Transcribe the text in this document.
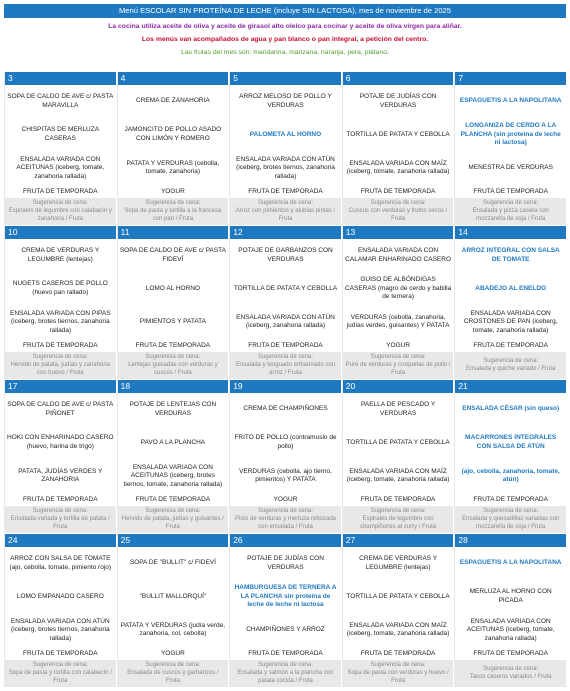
Menú ESCOLAR SIN PROTEÍNA DE LECHE (incluye SIN LACTOSA), mes de noviembre de 2025
La cocina utiliza aceite de oliva y aceite de girasol alto oleico para cocinar y aceite de oliva virgen para aliñar.
Los menús van acompañados de agua y pan blanco o pan integral, a petición del centro.
Las frutas del mes son: mandarina, manzana, naranja, pera, plátano.
3
SOPA DE CALDO DE AVE c/ PASTA MARAVILLA
CHISPITAS DE MERLUZA CASERAS
ENSALADA VARIADA CON ACEITUNAS (iceberg, tomate, zanahoria rallada)
FRUTA DE TEMPORADA
Sugerencia de cena:
Espirales de legumbre con calabacín y zanahoria / Fruta
4
CREMA DE ZANAHORIA
JAMONCITO DE POLLO ASADO CON LIMÓN Y ROMERO
PATATA Y VERDURAS (cebolla, tomate, zanahoria)
YOGUR
Sugerencia de cena:
Sopa de pasta y tortilla a la francesa con pan / Fruta
5
ARROZ MELOSO DE POLLO Y VERDURAS
PALOMETA AL HORNO
ENSALADA VARIADA CON ATÚN (iceberg, brotes tiernos, zanahoria rallada)
FRUTA DE TEMPORADA
Sugerencia de cena:
Arroz con pimientos y alubias pintas / Fruta
6
POTAJE DE JUDÍAS CON VERDURAS
TORTILLA DE PATATA Y CEBOLLA
ENSALADA VARIADA CON MAÍZ (iceberg, tomate, zanahoria rallada)
FRUTA DE TEMPORADA
Sugerencia de cena:
Cuscús con verduras y frutos secos / Fruta
7
ESPAGUETIS A LA NAPOLITANA
LONGANIZA DE CERDO A LA PLANCHA (sin proteína de leche ni lactosa)
MENESTRA DE VERDURAS
FRUTA DE TEMPORADA
Sugerencia de cena:
Ensalada y pizza casera con mozzarella de soja / Fruta
10
CREMA DE VERDURAS Y LEGUMBRE (lentejas)
NUGETS CASEROS DE POLLO (huevo pan rallado)
ENSALADA VARIADA CON PIPAS (iceberg, brotes tiernos, zanahoria rallada)
FRUTA DE TEMPORADA
Sugerencia de cena:
Hervido de patata, judías y zanahoria con huevo / Fruta
11
SOPA DE CALDO DE AVE c/ PASTA FIDEVÍ
LOMO AL HORNO
PIMIENTOS Y PATATA
FRUTA DE TEMPORADA
Sugerencia de cena:
Lentejas guisadas con verduras y cuscús / Fruta
12
POTAJE DE GARBANZOS CON VERDURAS
TORTILLA DE PATATA Y CEBOLLA
ENSALADA VARIADA CON ATÚN (iceberg, zanahoria rallada)
FRUTA DE TEMPORADA
Sugerencia de cena:
Ensalada y lenguado enharinado con arroz / Fruta
13
ENSALADA VARIADA CON CALAMAR ENHARINADO CASERO
GUISO DE ALBÓNDIGAS CASERAS (magro de cerdo y babilla de ternera)
VERDURAS (cebolla, zanahoria, judías verdes, guisantes) Y PATATA
YOGUR
Sugerencia de cena:
Puré de verduras y croquetas de pollo / Fruta
14
ARROZ INTEGRAL CON SALSA DE TOMATE
ABADEJO AL ENELDO
ENSALADA VARIADA CON CROSTONES DE PAN (iceberg, tomate, zanahoria rallada)
FRUTA DE TEMPORADA
Sugerencia de cena:
Ensalada y quiche variado / Fruta
17
SOPA DE CALDO DE AVE c/ PASTA PIÑONET
HOKI CON ENHARINADO CASERO (huevo, harina de trigo)
PATATA, JUDÍAS VERDES Y ZANAHORIA
FRUTA DE TEMPORADA
Sugerencia de cena:
Ensalada variada y tortilla de patata / Fruta
18
POTAJE DE LENTEJAS CON VERDURAS
PAVO A LA PLANCHA
ENSALADA VARIADA CON ACEITUNAS (iceberg, brotes tiernos, tomate, zanahoria rallada)
FRUTA DE TEMPORADA
Sugerencia de cena:
Hervido de patata, judías y guisantes / Fruta
19
CREMA DE CHAMPIÑONES
FRITO DE POLLO (contramuslo de pollo)
VERDURAS (cebolla, ajo tierno, pimientos) Y PATATA
YOGUR
Sugerencia de cena:
Pisto de verduras y merluza rebozada con ensalada / Fruta
20
PAELLA DE PESCADO Y VERDURAS
TORTILLA DE PATATA Y CEBOLLA
ENSALADA VARIADA CON MAÍZ (iceberg, tomate, zanahoria rallada)
FRUTA DE TEMPORADA
Sugerencia de cena:
Espirales de legumbre con champiñones al curry / Fruta
21
ENSALADA CÉSAR (sin queso)
MACARRONES INTEGRALES CON SALSA DE ATÚN
(ajo, cebolla, zanahoria, tomate, atún)
FRUTA DE TEMPORADA
Sugerencia de cena:
Ensalada y quesadillas variadas con mozzarella de soja / Fruta
24
ARROZ CON SALSA DE TOMATE (ajo, cebolla, tomate, pimiento rojo)
LOMO EMPANADO CASERO
ENSALADA VARIADA CON ATÚN (iceberg, brotes tiernos, zanahoria rallada)
FRUTA DE TEMPORADA
Sugerencia de cena:
Sopa de pasta y tortilla con calabacín / Fruta
25
SOPA DE "BULLIT" c/ FIDEVÍ
"BULLIT MALLORQUÍ"
PATATA Y VERDURAS (judía verde, zanahoria, col, cebolla)
YOGUR
Sugerencia de cena:
Ensalada de cuscús y garbanzos / Fruta
26
POTAJE DE JUDÍAS CON VERDURAS
HAMBURGUESA DE TERNERA A LA PLANCHA sin proteína de leche de leche ni lactosa
CHAMPIÑONES Y ARROZ
FRUTA DE TEMPORADA
Sugerencia de cena:
Ensalada y salmón a la plancha con patata cocida / Fruta
27
CREMA DE VERDURAS Y LEGUMBRE (lentejas)
TORTILLA DE PATATA Y CEBOLLA
ENSALADA VARIADA CON MAÍZ (iceberg, tomate, zanahoria rallada)
FRUTA DE TEMPORADA
Sugerencia de cena:
Sopa de pasta con verduras y huevo / Fruta
28
ESPAGUETIS A LA NAPOLITANA
MERLUZA AL HORNO CON PICADA
ENSALADA VARIADA CON ACEITUNAS (iceberg, tomate, zanahoria rallada)
FRUTA DE TEMPORADA
Sugerencia de cena:
Tacos caseros variados / Fruta
